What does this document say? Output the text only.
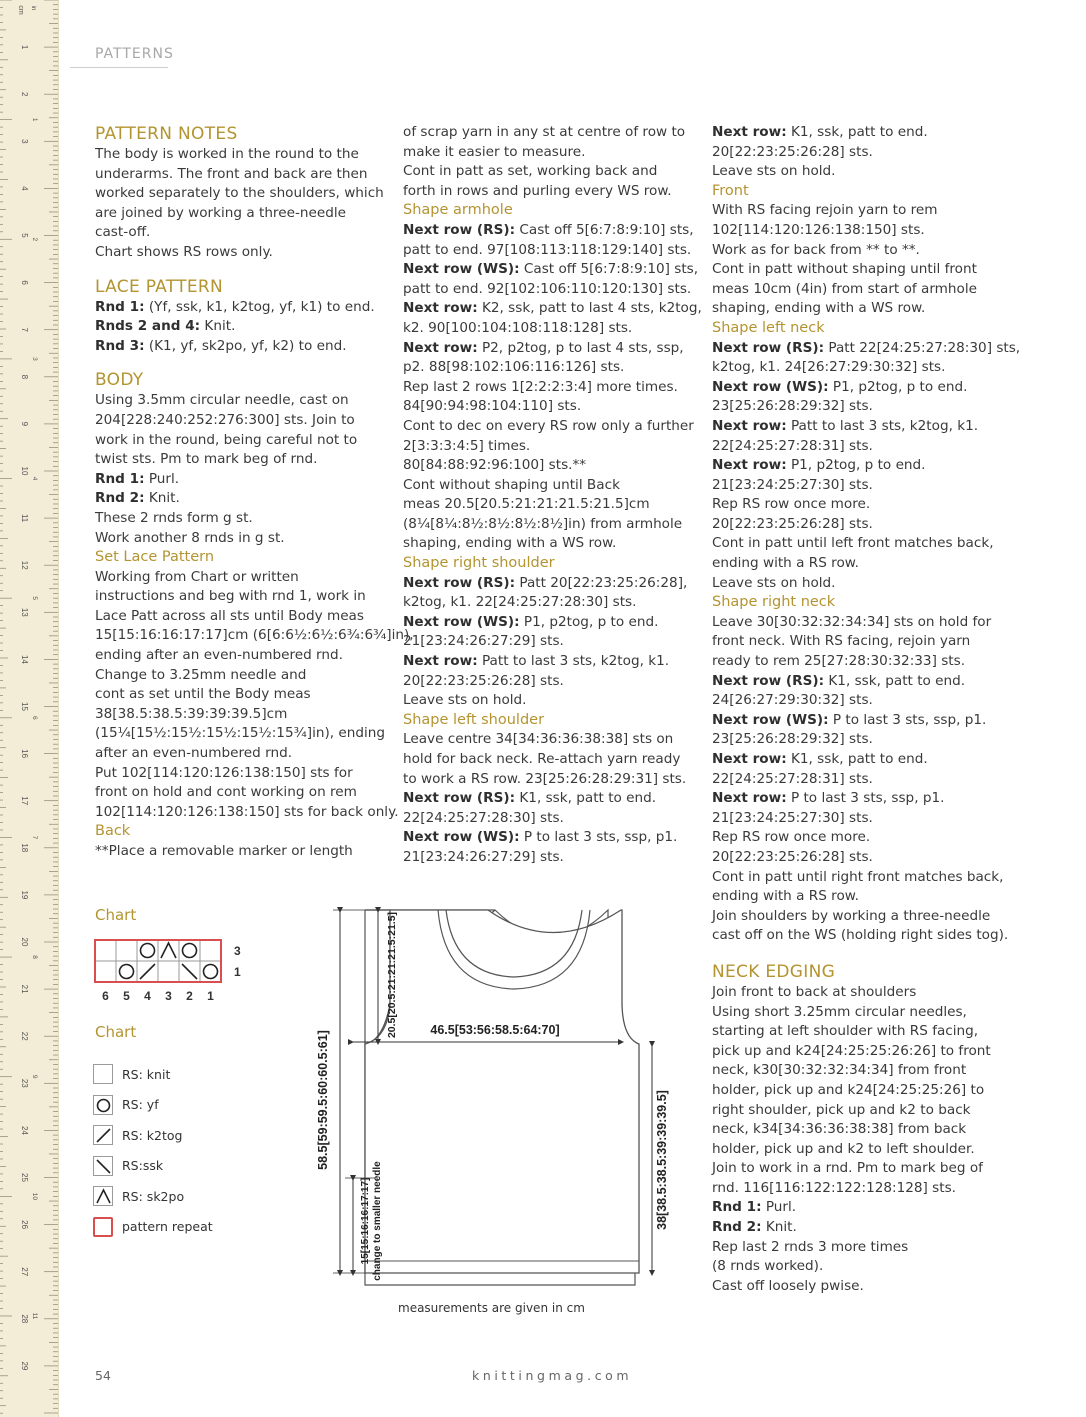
cm in
1
2
3
4
5
6
7
8
9
10
11
12
13
14
15
16
17
18
19
20
21
22
23
24
25
26
27
28
29
1
2
3
4
5
6
7
8
9
10
11
PATTERNS
PATTERN NOTES

The body is worked in the round to the

underarms. The front and back are then

worked separately to the shoulders, which

are joined by working a three-needle

cast-off.

Chart shows RS rows only.

LACE PATTERN

Rnd 1: (Yf, ssk, k1, k2tog, yf, k1) to end.

Rnds 2 and 4: Knit.

Rnd 3: (K1, yf, sk2po, yf, k2) to end.

BODY

Using 3.5mm circular needle, cast on

204[228:240:252:276:300] sts. Join to

work in the round, being careful not to

twist sts. Pm to mark beg of rnd.

Rnd 1: Purl.

Rnd 2: Knit.

These 2 rnds form g st.

Work another 8 rnds in g st.

Set Lace Pattern

Working from Chart or written

instructions and beg with rnd 1, work in

Lace Patt across all sts until Body meas

15[15:16:16:17:17]cm (6[6:6½:6½:6¾:6¾]in),

ending after an even-numbered rnd.

Change to 3.25mm needle and

cont as set until the Body meas

38[38.5:38.5:39:39:39.5]cm

(15¼[15½:15½:15½:15½:15¾]in), ending

after an even-numbered rnd.

Put 102[114:120:126:138:150] sts for

front on hold and cont working on rem

102[114:120:126:138:150] sts for back only.

Back

**Place a removable marker or length

of scrap yarn in any st at centre of row to

make it easier to measure.

Cont in patt as set, working back and

forth in rows and purling every WS row.

Shape armhole

Next row (RS): Cast off 5[6:7:8:9:10] sts,

patt to end. 97[108:113:118:129:140] sts.

Next row (WS): Cast off 5[6:7:8:9:10] sts,

patt to end. 92[102:106:110:120:130] sts.

Next row: K2, ssk, patt to last 4 sts, k2tog,

k2. 90[100:104:108:118:128] sts.

Next row: P2, p2tog, p to last 4 sts, ssp,

p2. 88[98:102:106:116:126] sts.

Rep last 2 rows 1[2:2:2:3:4] more times.

84[90:94:98:104:110] sts.

Cont to dec on every RS row only a further

2[3:3:3:4:5] times.

80[84:88:92:96:100] sts.**

Cont without shaping until Back

meas 20.5[20.5:21:21:21.5:21.5]cm

(8¼[8¼:8½:8½:8½:8½]in) from armhole

shaping, ending with a WS row.

Shape right shoulder

Next row (RS): Patt 20[22:23:25:26:28],

k2tog, k1. 22[24:25:27:28:30] sts.

Next row (WS): P1, p2tog, p to end.

21[23:24:26:27:29] sts.

Next row: Patt to last 3 sts, k2tog, k1.

20[22:23:25:26:28] sts.

Leave sts on hold.

Shape left shoulder

Leave centre 34[34:36:36:38:38] sts on

hold for back neck. Re-attach yarn ready

to work a RS row. 23[25:26:28:29:31] sts.

Next row (RS): K1, ssk, patt to end.

22[24:25:27:28:30] sts.

Next row (WS): P to last 3 sts, ssp, p1.

21[23:24:26:27:29] sts.

Next row: K1, ssk, patt to end.

20[22:23:25:26:28] sts.

Leave sts on hold.

Front

With RS facing rejoin yarn to rem

102[114:120:126:138:150] sts.

Work as for back from ** to **.

Cont in patt without shaping until front

meas 10cm (4in) from start of armhole

shaping, ending with a WS row.

Shape left neck

Next row (RS): Patt 22[24:25:27:28:30] sts,

k2tog, k1. 24[26:27:29:30:32] sts.

Next row (WS): P1, p2tog, p to end.

23[25:26:28:29:32] sts.

Next row: Patt to last 3 sts, k2tog, k1.

22[24:25:27:28:31] sts.

Next row: P1, p2tog, p to end.

21[23:24:25:27:30] sts.

Rep RS row once more.

20[22:23:25:26:28] sts.

Cont in patt until left front matches back,

ending with a RS row.

Leave sts on hold.

Shape right neck

Leave 30[30:32:32:34:34] sts on hold for

front neck. With RS facing, rejoin yarn

ready to rem 25[27:28:30:32:33] sts.

Next row (RS): K1, ssk, patt to end.

24[26:27:29:30:32] sts.

Next row (WS): P to last 3 sts, ssp, p1.

23[25:26:28:29:32] sts.

Next row: K1, ssk, patt to end.

22[24:25:27:28:31] sts.

Next row: P to last 3 sts, ssp, p1.

21[23:24:25:27:30] sts.

Rep RS row once more.

20[22:23:25:26:28] sts.

Cont in patt until right front matches back,

ending with a RS row.

Join shoulders by working a three-needle

cast off on the WS (holding right sides tog).

NECK EDGING

Join front to back at shoulders

Using short 3.25mm circular needles,

starting at left shoulder with RS facing,

pick up and k24[24:25:25:26:26] to front

neck, k30[30:32:32:34:34] from front

holder, pick up and k24[24:25:25:26] to

right shoulder, pick up and k2 to back

neck, k34[34:36:36:38:38] from back

holder, pick up and k2 to left shoulder.

Join to work in a rnd. Pm to mark beg of

rnd. 116[116:122:122:128:128] sts.

Rnd 1: Purl.

Rnd 2: Knit.

Rep last 2 rnds 3 more times

(8 rnds worked).

Cast off loosely pwise.

Chart
3
1
6 5 4 3 2 1
Chart
RS: knit
RS: yf
RS: k2tog
RS:ssk
RS: sk2po
pattern repeat
46.5[53:56:58.5:64:70]
58.5[59:59.5:60:60.5:61]
20.5[20.5:21:21:21.5:21.5]
38[38.5:38.5:39:39:39.5]
15[15:16:16:17:17] change to smaller needle
measurements are given in cm
54	knittingmag.com
